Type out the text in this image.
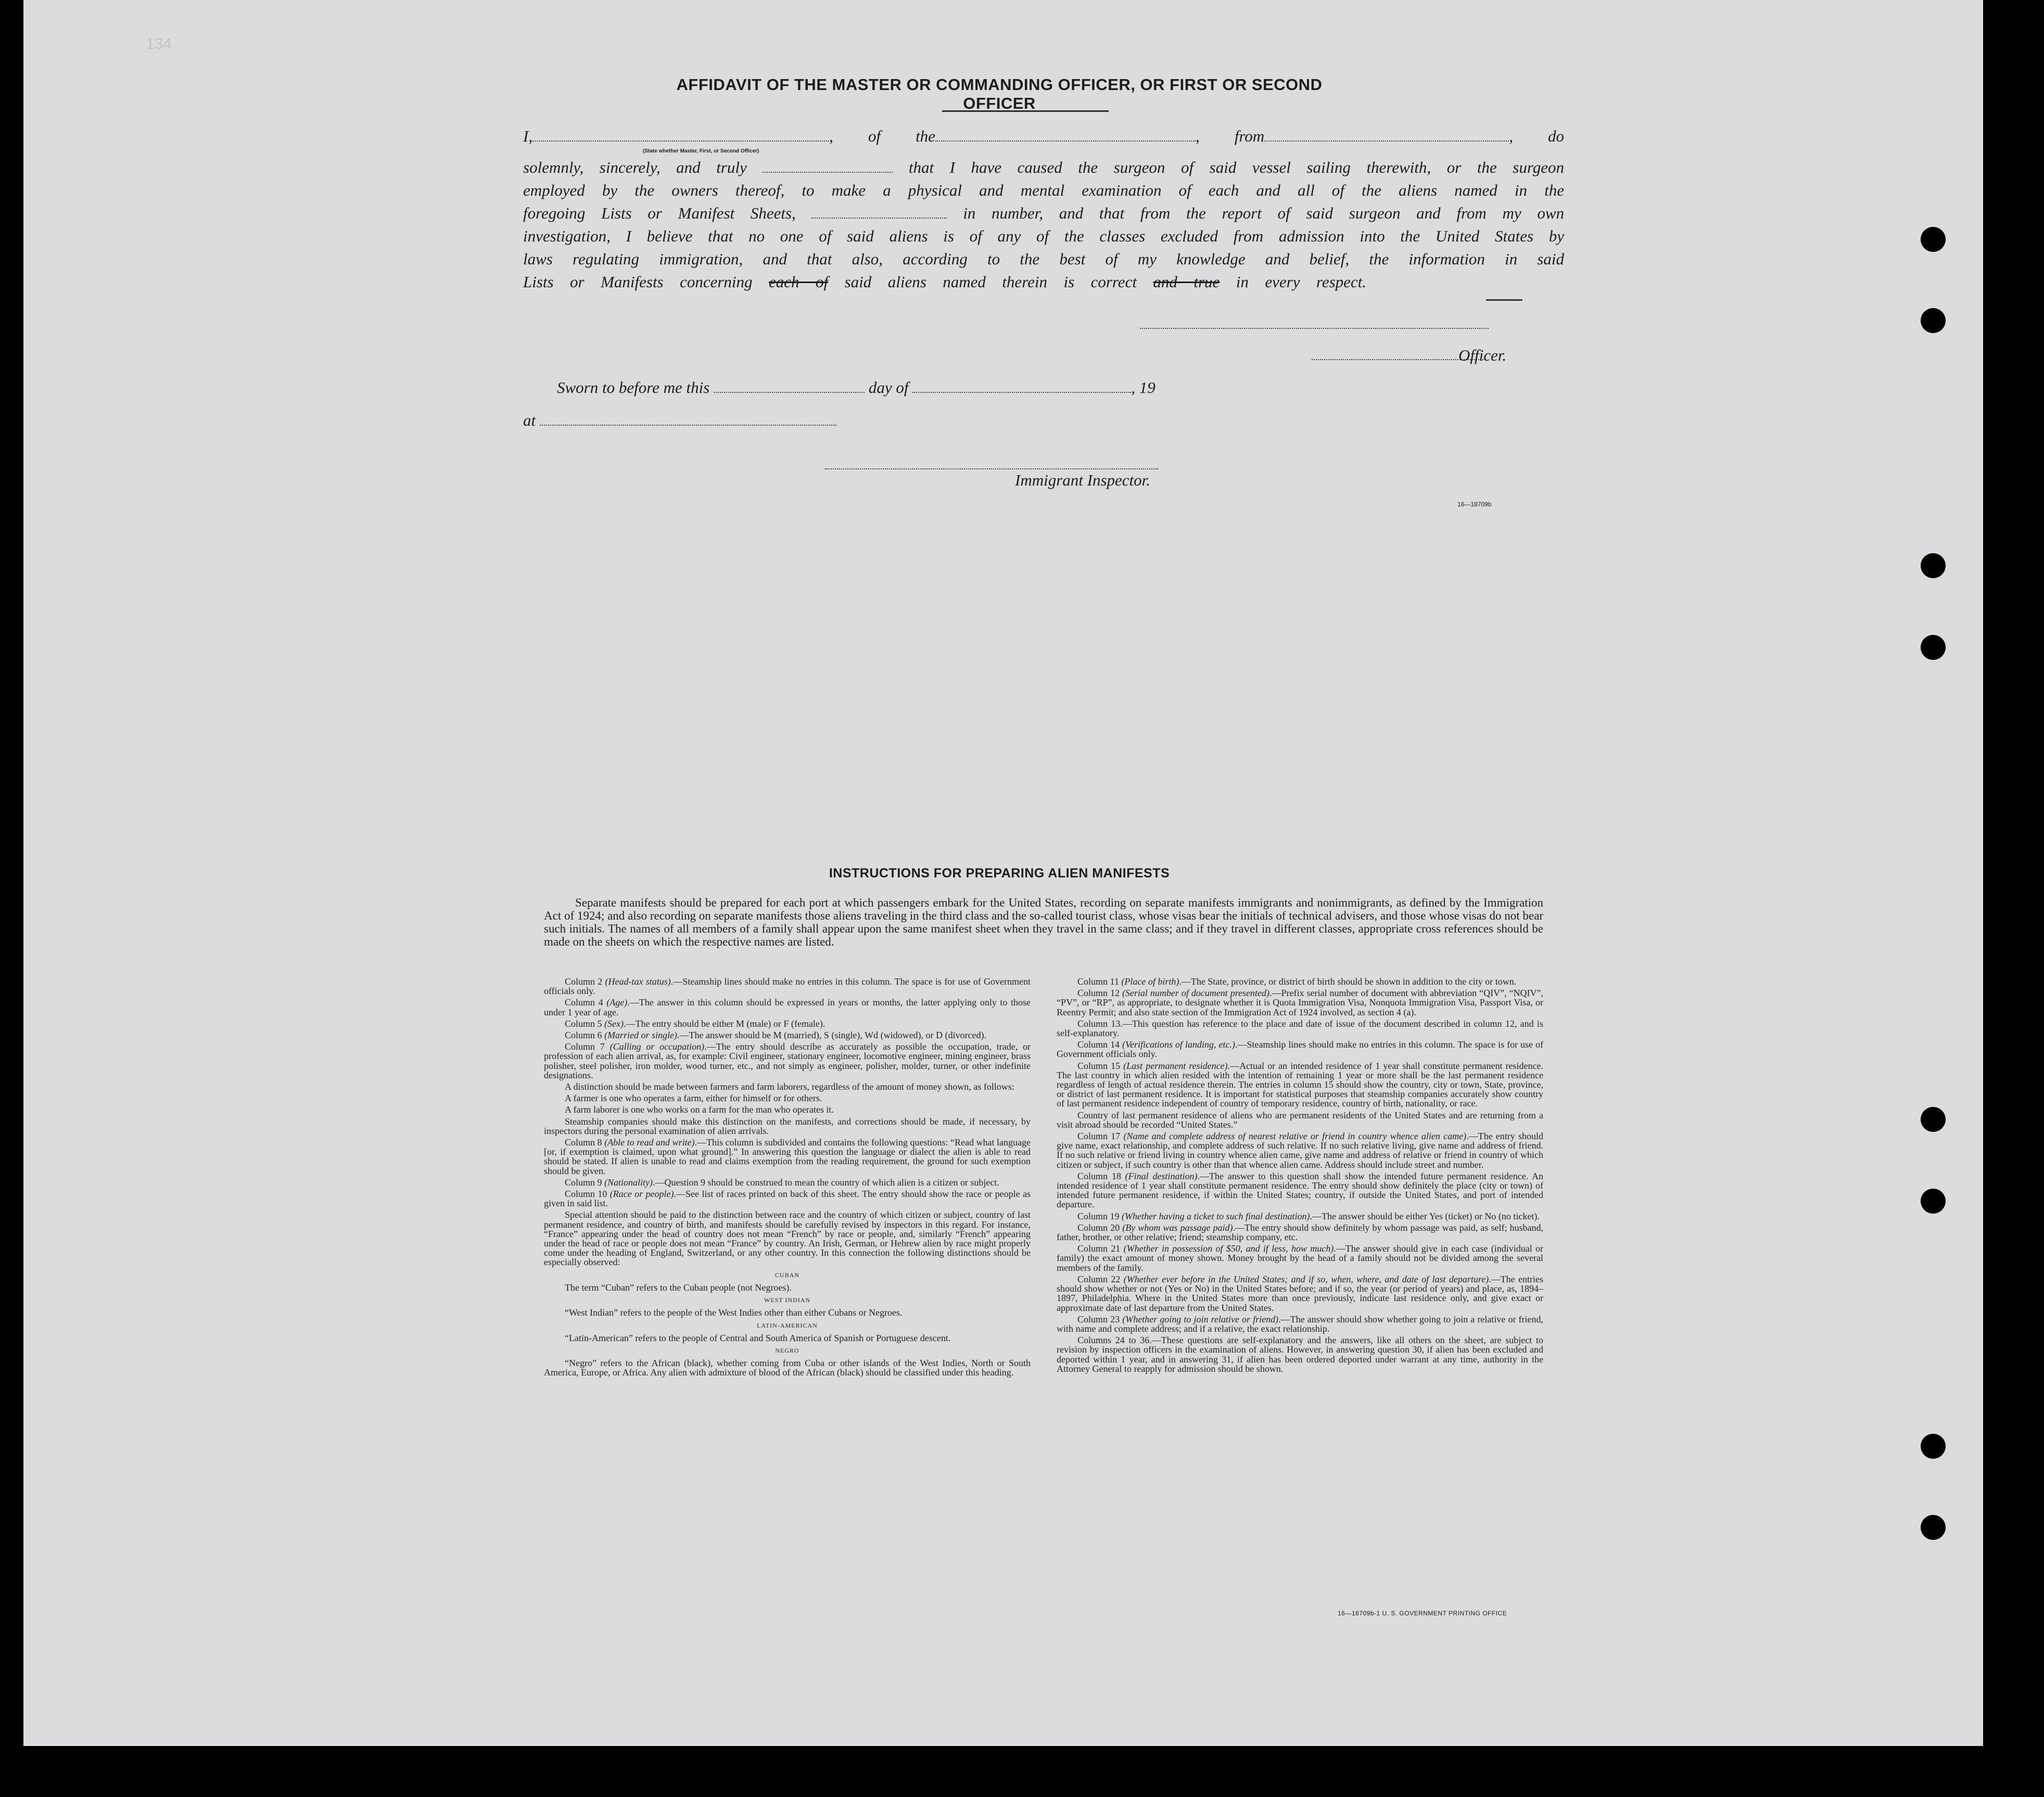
134
AFFIDAVIT OF THE MASTER OR COMMANDING OFFICER, OR FIRST OR SECOND OFFICER
I,	, of the	, from	, do
(State whether Master, First, or Second Officer)
solemnly, sincerely, and truly	that I have caused the surgeon of said vessel sailing therewith, or the surgeon
employed by the owners thereof, to make a physical and mental examination of each and all of the aliens named in the
foregoing Lists or Manifest Sheets,	in number, and that from the report of said surgeon and from my own
investigation, I believe that no one of said aliens is of any of the classes excluded from admission into the United States by
laws regulating immigration, and that also, according to the best of my knowledge and belief, the information in said
Lists or Manifests concerning each of said aliens named therein is correct and true in every respect.
Officer.
Sworn to before me this	day of	, 19
at
Immigrant Inspector.
16—18709b
INSTRUCTIONS FOR PREPARING ALIEN MANIFESTS
Separate manifests should be prepared for each port at which passengers embark for the United States, recording on separate manifests immigrants and nonimmigrants, as defined by the Immigration Act of 1924; and also recording on separate manifests those aliens traveling in the third class and the so-called tourist class, whose visas bear the initials of technical advisers, and those whose visas do not bear such initials. The names of all members of a family shall appear upon the same manifest sheet when they travel in the same class; and if they travel in different classes, appropriate cross references should be made on the sheets on which the respective names are listed.

Column 2 (Head-tax status).—Steamship lines should make no entries in this column. The space is for use of Government officials only.

Column 4 (Age).—The answer in this column should be expressed in years or months, the latter applying only to those under 1 year of age.

Column 5 (Sex).—The entry should be either M (male) or F (female).

Column 6 (Married or single).—The answer should be M (married), S (single), Wd (widowed), or D (divorced).

Column 7 (Calling or occupation).—The entry should describe as accurately as possible the occupation, trade, or profession of each alien arrival, as, for example: Civil engineer, stationary engineer, locomotive engineer, mining engineer, brass polisher, steel polisher, iron molder, wood turner, etc., and not simply as engineer, polisher, molder, turner, or other indefinite designations.

A distinction should be made between farmers and farm laborers, regardless of the amount of money shown, as follows:

A farmer is one who operates a farm, either for himself or for others.

A farm laborer is one who works on a farm for the man who operates it.

Steamship companies should make this distinction on the manifests, and corrections should be made, if necessary, by inspectors during the personal examination of alien arrivals.

Column 8 (Able to read and write).—This column is subdivided and contains the following questions: “Read what language [or, if exemption is claimed, upon what ground].” In answering this question the language or dialect the alien is able to read should be stated. If alien is unable to read and claims exemption from the reading requirement, the ground for such exemption should be given.

Column 9 (Nationality).—Question 9 should be construed to mean the country of which alien is a citizen or subject.

Column 10 (Race or people).—See list of races printed on back of this sheet. The entry should show the race or people as given in said list.

Special attention should be paid to the distinction between race and the country of which citizen or subject, country of last permanent residence, and country of birth, and manifests should be carefully revised by inspectors in this regard. For instance, “France” appearing under the head of country does not mean “French” by race or people, and, similarly “French” appearing under the head of race or people does not mean “France” by country. An Irish, German, or Hebrew alien by race might properly come under the heading of England, Switzerland, or any other country. In this connection the following distinctions should be especially observed:

CUBAN

The term “Cuban” refers to the Cuban people (not Negroes).

WEST INDIAN

“West Indian” refers to the people of the West Indies other than either Cubans or Negroes.

LATIN-AMERICAN

“Latin-American” refers to the people of Central and South America of Spanish or Portuguese descent.

NEGRO

“Negro” refers to the African (black), whether coming from Cuba or other islands of the West Indies, North or South America, Europe, or Africa. Any alien with admixture of blood of the African (black) should be classified under this heading.

Column 11 (Place of birth).—The State, province, or district of birth should be shown in addition to the city or town.

Column 12 (Serial number of document presented).—Prefix serial number of document with abbreviation “QIV”, “NQIV”, “PV”, or “RP”, as appropriate, to designate whether it is Quota Immigration Visa, Nonquota Immigration Visa, Passport Visa, or Reentry Permit; and also state section of the Immigration Act of 1924 involved, as section 4 (a).

Column 13.—This question has reference to the place and date of issue of the document described in column 12, and is self-explanatory.

Column 14 (Verifications of landing, etc.).—Steamship lines should make no entries in this column. The space is for use of Government officials only.

Column 15 (Last permanent residence).—Actual or an intended residence of 1 year shall constitute permanent residence. The last country in which alien resided with the intention of remaining 1 year or more shall be the last permanent residence regardless of length of actual residence therein. The entries in column 15 should show the country, city or town, State, province, or district of last permanent residence. It is important for statistical purposes that steamship companies accurately show country of last permanent residence independent of country of temporary residence, country of birth, nationality, or race.

Country of last permanent residence of aliens who are permanent residents of the United States and are returning from a visit abroad should be recorded “United States.”

Column 17 (Name and complete address of nearest relative or friend in country whence alien came).—The entry should give name, exact relationship, and complete address of such relative. If no such relative living, give name and address of friend. If no such relative or friend living in country whence alien came, give name and address of relative or friend in country of which citizen or subject, if such country is other than that whence alien came. Address should include street and number.

Column 18 (Final destination).—The answer to this question shall show the intended future permanent residence. An intended residence of 1 year shall constitute permanent residence. The entry should show definitely the place (city or town) of intended future permanent residence, if within the United States; country, if outside the United States, and port of intended departure.

Column 19 (Whether having a ticket to such final destination).—The answer should be either Yes (ticket) or No (no ticket).

Column 20 (By whom was passage paid).—The entry should show definitely by whom passage was paid, as self; husband, father, brother, or other relative; friend; steamship company, etc.

Column 21 (Whether in possession of $50, and if less, how much).—The answer should give in each case (individual or family) the exact amount of money shown. Money brought by the head of a family should not be divided among the several members of the family.

Column 22 (Whether ever before in the United States; and if so, when, where, and date of last departure).—The entries should show whether or not (Yes or No) in the United States before; and if so, the year (or period of years) and place, as, 1894–1897, Philadelphia. Where in the United States more than once previously, indicate last residence only, and give exact or approximate date of last departure from the United States.

Column 23 (Whether going to join relative or friend).—The answer should show whether going to join a relative or friend, with name and complete address; and if a relative, the exact relationship.

Columns 24 to 36.—These questions are self-explanatory and the answers, like all others on the sheet, are subject to revision by inspection officers in the examination of aliens. However, in answering question 30, if alien has been excluded and deported within 1 year, and in answering 31, if alien has been ordered deported under warrant at any time, authority in the Attorney General to reapply for admission should be shown.

16—18709b-1 U. S. GOVERNMENT PRINTING OFFICE
